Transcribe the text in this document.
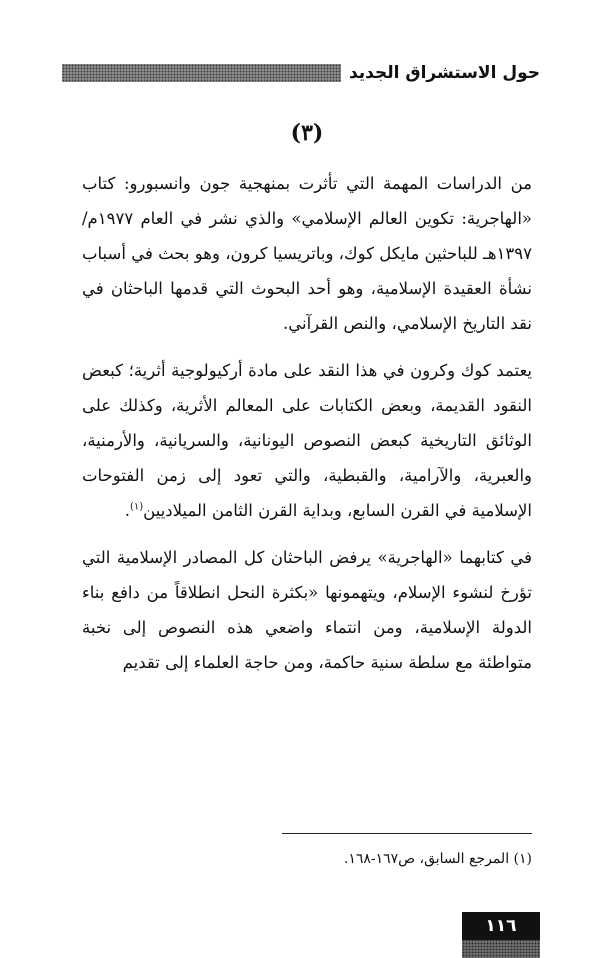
حول الاستشراق الجديد
(٣)

من الدراسات المهمة التي تأثرت بمنهجية جون وانسبورو: كتاب «الهاجرية: تكوين العالم الإسلامي» والذي نشر في العام ١٩٧٧م/ ١٣٩٧هـ للباحثين مايكل كوك، وباتريسيا كرون، وهو بحث في أسباب نشأة العقيدة الإسلامية، وهو أحد البحوث التي قدمها الباحثان في نقد التاريخ الإسلامي، والنص القرآني.

يعتمد كوك وكرون في هذا النقد على مادة أركيولوجية أثرية؛ كبعض النقود القديمة، وبعض الكتابات على المعالم الأثرية، وكذلك على الوثائق التاريخية كبعض النصوص اليونانية، والسريانية، والأرمنية، والعبرية، والآرامية، والقبطية، والتي تعود إلى زمن الفتوحات الإسلامية في القرن السابع، وبداية القرن الثامن الميلاديين$^{(١)}$.

في كتابهما «الهاجرية» يرفض الباحثان كل المصادر الإسلامية التي تؤرخ لنشوء الإسلام، ويتهمونها «بكثرة النحل انطلاقاً من دافع بناء الدولة الإسلامية، ومن انتماء واضعي هذه النصوص إلى نخبة متواطئة مع سلطة سنية حاكمة، ومن حاجة العلماء إلى تقديم

(١) المرجع السابق، ص١٦٧-١٦٨.
١١٦
